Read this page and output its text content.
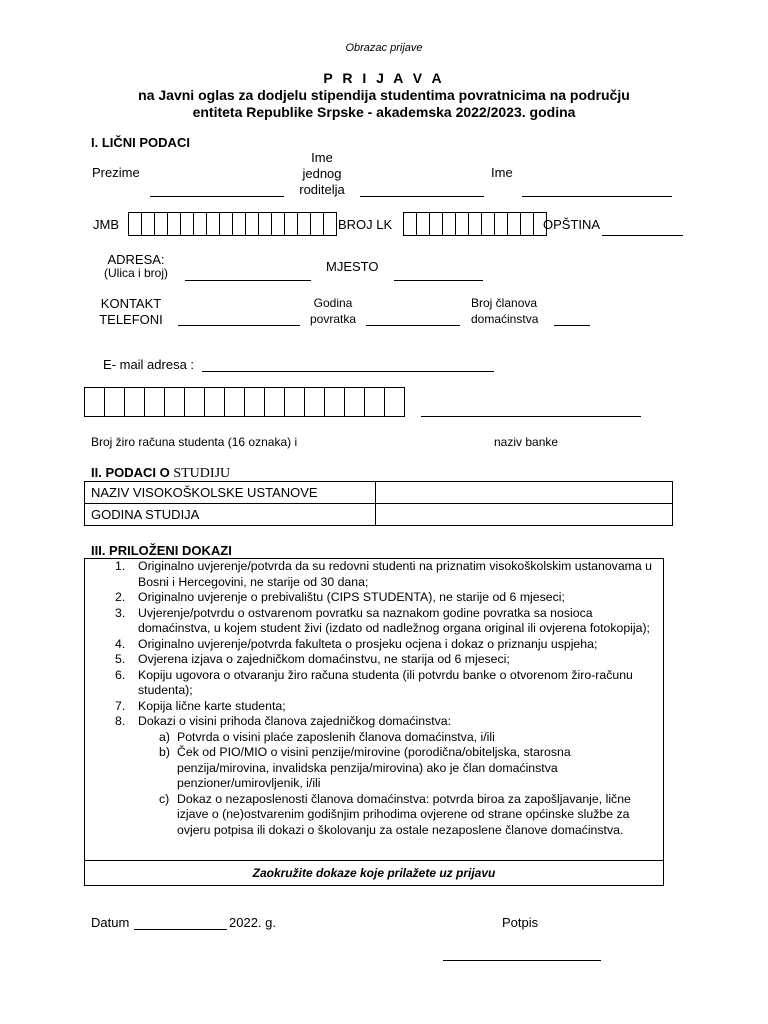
Obrazac prijave
P R I J A V A
na Javni oglas za dodjelu stipendija studentima povratnicima na području
entiteta Republike Srpske - akademska 2022/2023. godina
I. LIČNI PODACI
Prezime
Ime
jednog
roditelja
Ime
JMB	BROJ LK	OPŠTINA
ADRESA:
(Ulica i broj)	MJESTO
KONTAKT
TELEFONI
Godina
povratka
Broj članova
domaćinstva
E- mail adresa :
Broj žiro računa studenta (16 oznaka) i	naziv banke
II. PODACI O STUDIJU
NAZIV VISOKOŠKOLSKE USTANOVE	
GODINA STUDIJA	
III. PRILOŽENI DOKAZI
1. Originalno uvjerenje/potvrda da su redovni studenti na priznatim visokoškolskim ustanovama u Bosni i Hercegovini, ne starije od 30 dana;
2. Originalno uvjerenje o prebivalištu (CIPS STUDENTA), ne starije od 6 mjeseci;
3. Uvjerenje/potvrdu o ostvarenom povratku sa naznakom godine povratka sa nosioca domaćinstva, u kojem student živi (izdato od nadležnog organa original ili ovjerena fotokopija);
4. Originalno uvjerenje/potvrda fakulteta o prosjeku ocjena i dokaz o priznanju uspjeha;
5. Ovjerena izjava o zajedničkom domaćinstvu, ne starija od 6 mjeseci;
6. Kopiju ugovora o otvaranju žiro računa studenta (ili potvrdu banke o otvorenom žiro-računu studenta);
7. Kopija lične karte studenta;
8. Dokazi o visini prihoda članova zajedničkog domaćinstva:
a) Potvrda o visini plaće zaposlenih članova domaćinstva, i/ili
b) Ček od PIO/MIO o visini penzije/mirovine (porodična/obiteljska, starosna penzija/mirovina, invalidska penzija/mirovina) ako je član domaćinstva penzioner/umirovljenik, i/ili
c) Dokaz o nezaposlenosti članova domaćinstva: potvrda biroa za zapošljavanje, lične izjave o (ne)ostvarenim godišnjim prihodima ovjerene od strane općinske službe za ovjeru potpisa ili dokazi o školovanju za ostale nezaposlene članove domaćinstva.
Zaokružite dokaze koje prilažete uz prijavu
Datum	2022. g.	Potpis
